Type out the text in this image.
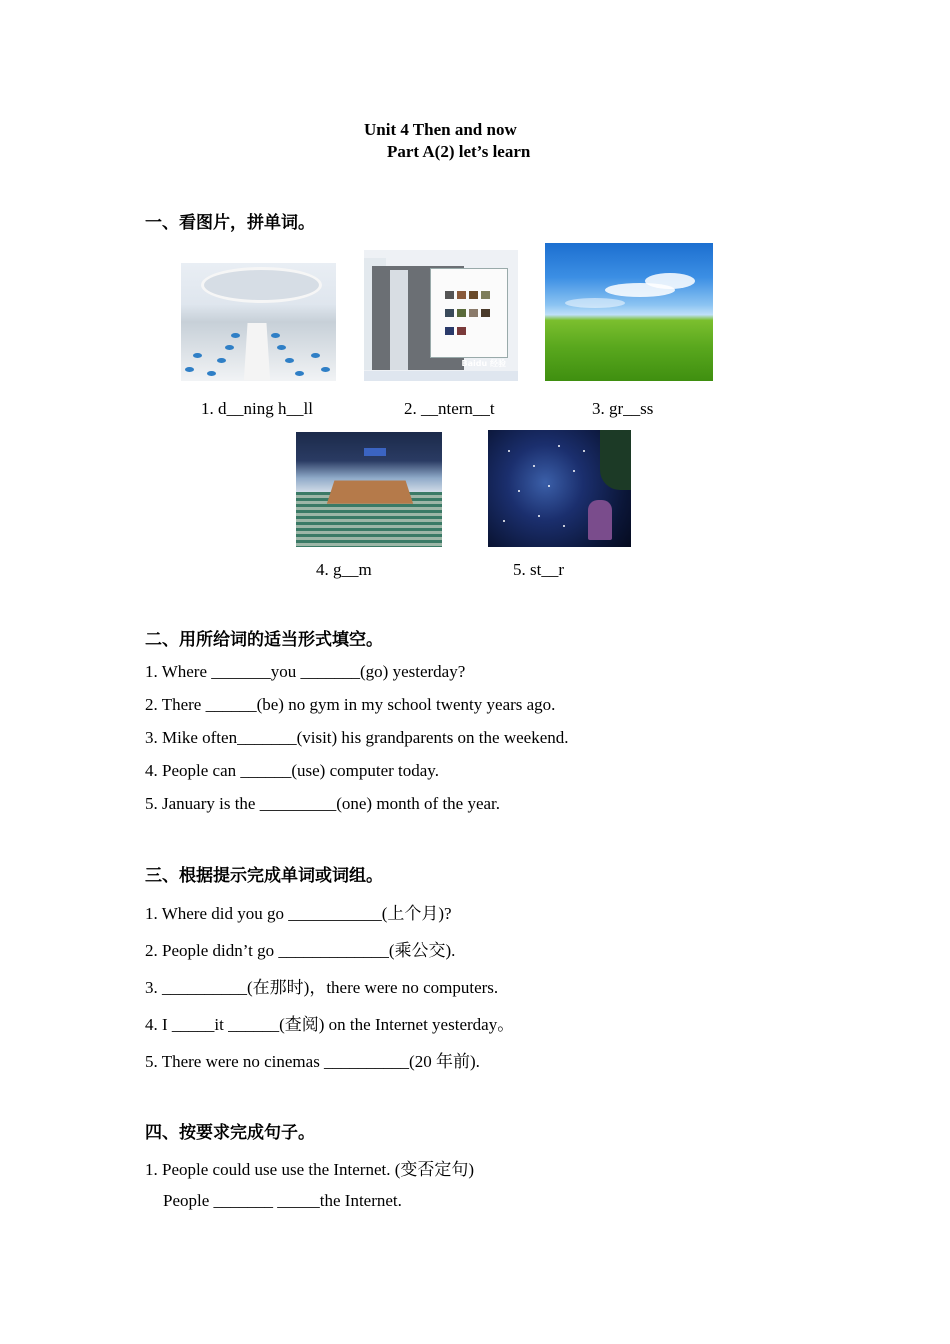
Unit 4 Then and now
Part A(2) let’s learn
一、看图片，拼单词。
Baidu 经验
1. d__ning h__ll	2. __ntern__t	3. gr__ss
4. g__m	5. st__r
二、用所给词的适当形式填空。
1. Where _______you _______(go) yesterday?
2. There ______(be) no gym in my school twenty years ago.
3. Mike often_______(visit) his grandparents on the weekend.
4. People can ______(use) computer today.
5. January is the _________(one) month of the year.
三、根据提示完成单词或词组。
1. Where did you go ___________(上个月)?
2. People didn’t go _____________(乘公交).
3. __________(在那时)，there were no computers.
4. I _____it ______(查阅) on the Internet yesterday。
5. There were no cinemas __________(20 年前).
四、按要求完成句子。
1. People could use use the Internet. (变否定句)
People _______ _____the Internet.
